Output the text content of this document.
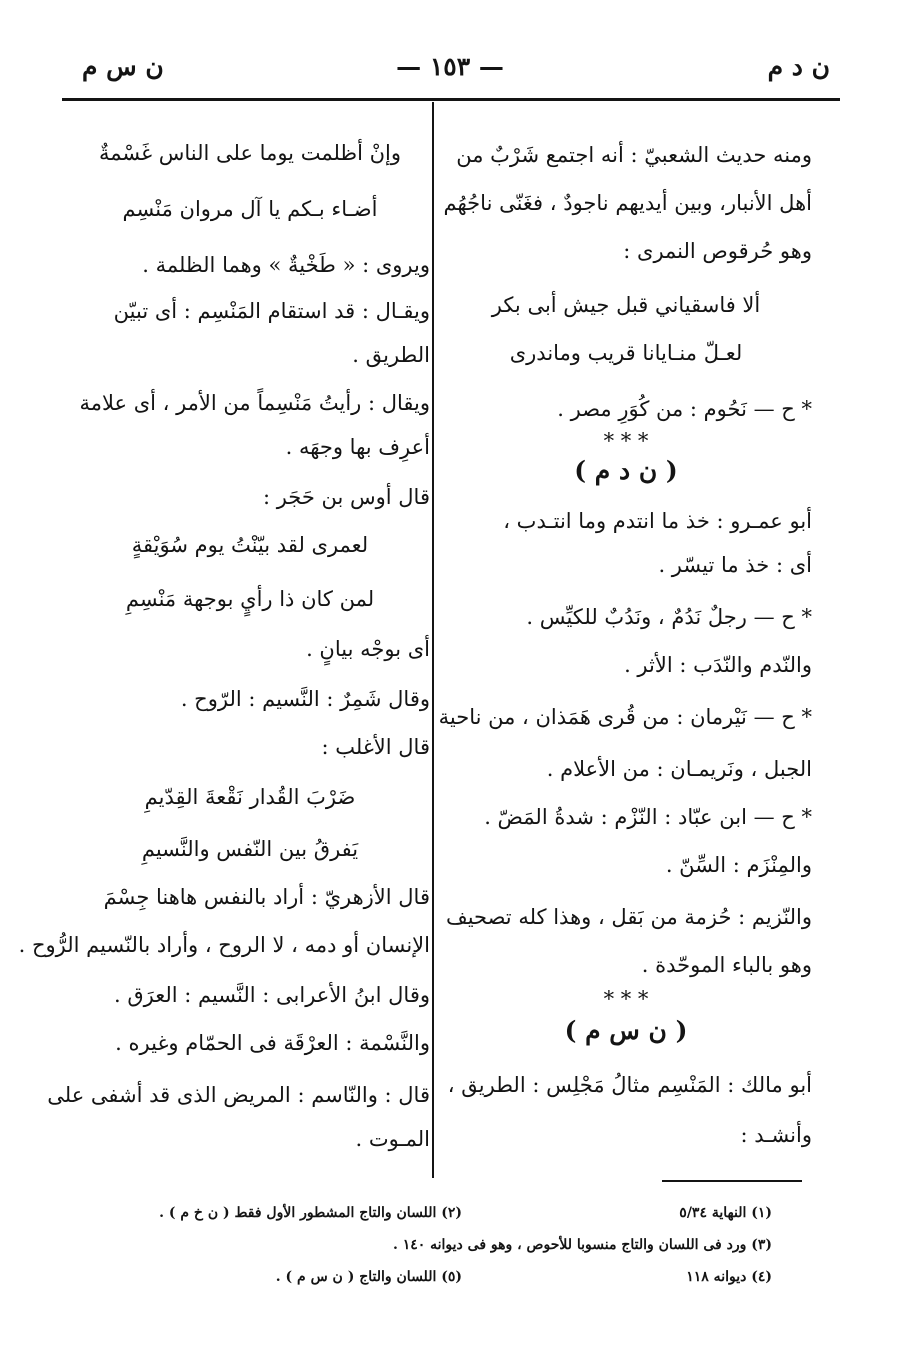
ن د م
— ١٥٣ —
ن س م
ومنه حديث الشعبيّ : أنه اجتمع شَرْبٌ من
أهل الأنبار، وبين أيديهم ناجودٌ ، فغَنّى ناجُهُم
وهو حُرقوص النمرى :
ألا فاسقياني قبل جيش أبى بكر
لعـلّ منـايانا قريب وماندرى
* ح — نَحُوم : من كُوَرِ مصر .
* * *
( ن د م )
أبو عمـرو : خذ ما انتدم وما انتـدب ،
أى : خذ ما تيسّر .
* ح — رجلٌ نَدُمٌ ، ونَدُبٌ للكيِّس .
والنّدم والنّدَب : الأثر .
* ح — نَيْرمان : من قُرى هَمَذان ، من ناحية
الجبل ، ونَريمـان : من الأعلام .
* ح — ابن عبّاد : النّزْم : شدةُ المَضّ .
والمِنْزَم : السِّنّ .
والنّزيم : حُزمة من بَقل ، وهذا كله تصحيف
وهو بالباء الموحّدة .
* * *
( ن س م )
أبو مالك : المَنْسِم مثالُ مَجْلِس : الطريق ،
وأنشـد :
وإنْ أظلمت يوما على الناس غَسْمةٌ
أضـاء بـكم يا آل مروان مَنْسِم
ويروى : « طَخْيةٌ » وهما الظلمة .
ويقـال : قد استقام المَنْسِم : أى تبيّن
الطريق .
ويقال : رأيتُ مَنْسِماً من الأمر ، أى علامة
أعرِف بها وجهَه .
قال أوس بن حَجَر :
لعمرى لقد بيّنْتُ يوم سُوَيْقةٍ
لمن كان ذا رأيٍ بوجهة مَنْسِمِ
أى بوجْه بيانٍ .
وقال شَمِرٌ : النَّسيم : الرّوح .
قال الأغلب :
ضَرْبَ القُدار نَقْعةَ القِدّيمِ
يَفرقُ بين النّفس والنَّسيمِ
قال الأزهريّ : أراد بالنفس هاهنا جِسْمَ
الإنسان أو دمه ، لا الروح ، وأراد بالنّسيم الرُّوح .
وقال ابنُ الأعرابى : النَّسيم : العرَق .
والنَّسْمة : العرْقَة فى الحمّام وغيره .
قال : والنّاسم : المريض الذى قد أشفى على
المـوت .
(١) النهاية ٥/٣٤
(٢) اللسان والتاج المشطور الأول فقط ( ن خ م ) .
(٣) ورد فى اللسان والتاج منسوبا للأحوص ، وهو فى ديوانه ١٤٠ .
(٤) ديوانه ١١٨
(٥) اللسان والتاج ( ن س م ) .
